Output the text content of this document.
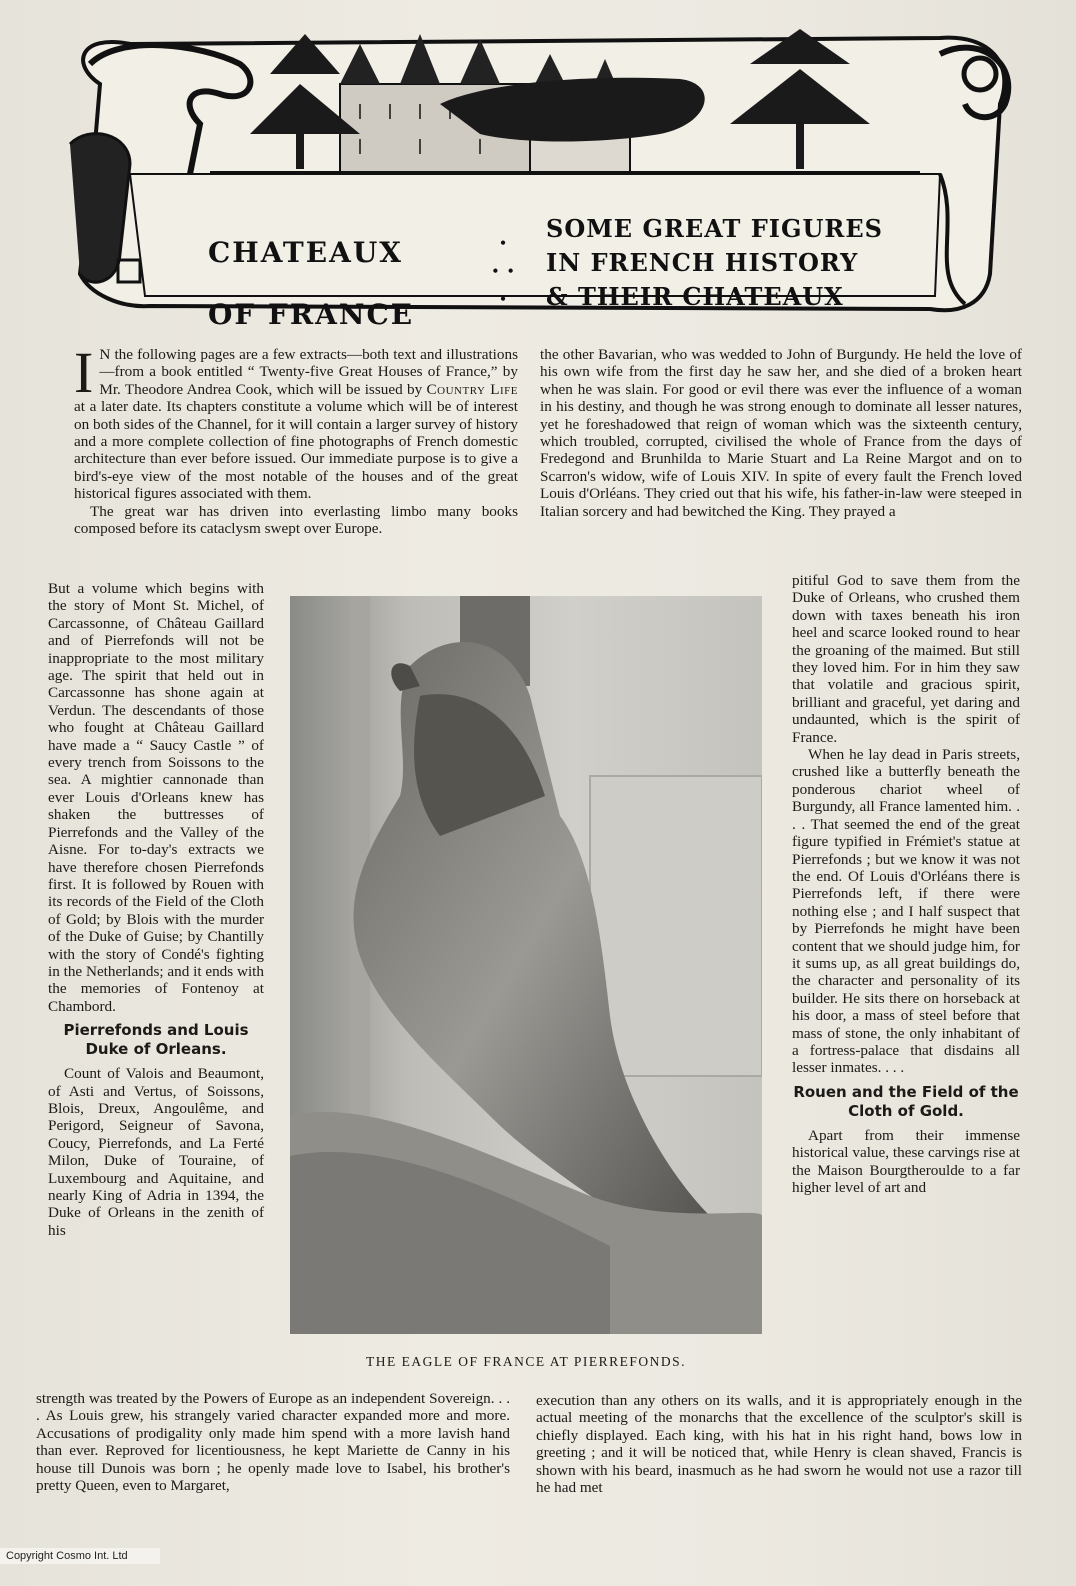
CHATEAUX
OF FRANCE
•

•  •

•
SOME GREAT FIGURES
IN FRENCH HISTORY
& THEIR CHATEAUX

I N the following pages are a few extracts—both text and illustrations—from a book entitled “ Twenty-five Great Houses of France,” by Mr. Theodore Andrea Cook, which will be issued by Country Life at a later date. Its chapters constitute a volume which will be of interest on both sides of the Channel, for it will contain a larger survey of history and a more complete collection of fine photographs of French domestic architecture than ever before issued. Our immediate purpose is to give a bird's-eye view of the most notable of the houses and of the great historical figures associated with them.

The great war has driven into everlasting limbo many books composed before its cataclysm swept over Europe.

But a volume which begins with the story of Mont St. Michel, of Carcassonne, of Château Gaillard and of Pierrefonds will not be inappropriate to the most military age. The spirit that held out in Carcassonne has shone again at Verdun. The descendants of those who fought at Château Gaillard have made a “ Saucy Castle ” of every trench from Soissons to the sea. A mightier cannonade than ever Louis d'Orleans knew has shaken the buttresses of Pierrefonds and the Valley of the Aisne. For to-day's extracts we have therefore chosen Pierrefonds first. It is followed by Rouen with its records of the Field of the Cloth of Gold; by Blois with the murder of the Duke of Guise; by Chantilly with the story of Condé's fighting in the Netherlands; and it ends with the memories of Fontenoy at Chambord.

Pierrefonds and Louis Duke of Orleans.

Count of Valois and Beaumont, of Asti and Vertus, of Soissons, Blois, Dreux, Angoulême, and Perigord, Seigneur of Savona, Coucy, Pierrefonds, and La Ferté Milon, Duke of Touraine, of Luxembourg and Aquitaine, and nearly King of Adria in 1394, the Duke of Orleans in the zenith of his

strength was treated by the Powers of Europe as an independent Sovereign. . . . As Louis grew, his strangely varied character expanded more and more. Accusations of prodigality only made him spend with a more lavish hand than ever. Reproved for licentiousness, he kept Mariette de Canny in his house till Dunois was born ; he openly made love to Isabel, his brother's pretty Queen, even to Margaret,

the other Bavarian, who was wedded to John of Burgundy. He held the love of his own wife from the first day he saw her, and she died of a broken heart when he was slain. For good or evil there was ever the influence of a woman in his destiny, and though he was strong enough to dominate all lesser natures, yet he foreshadowed that reign of woman which was the sixteenth century, which troubled, corrupted, civilised the whole of France from the days of Fredegond and Brunhilda to Marie Stuart and La Reine Margot and on to Scarron's widow, wife of Louis XIV. In spite of every fault the French loved Louis d'Orléans. They cried out that his wife, his father-in-law were steeped in Italian sorcery and had bewitched the King. They prayed a

pitiful God to save them from the Duke of Orleans, who crushed them down with taxes beneath his iron heel and scarce looked round to hear the groaning of the maimed. But still they loved him. For in him they saw that volatile and gracious spirit, brilliant and graceful, yet daring and undaunted, which is the spirit of France.

When he lay dead in Paris streets, crushed like a butterfly beneath the ponderous chariot wheel of Burgundy, all France lamented him. . . . That seemed the end of the great figure typified in Frémiet's statue at Pierrefonds ; but we know it was not the end. Of Louis d'Orléans there is Pierrefonds left, if there were nothing else ; and I half suspect that by Pierrefonds he might have been content that we should judge him, for it sums up, as all great buildings do, the character and personality of its builder. He sits there on horseback at his door, a mass of steel before that mass of stone, the only inhabitant of a fortress-palace that disdains all lesser inmates. . . .

Rouen and the Field of the Cloth of Gold.

Apart from their immense historical value, these carvings rise at the Maison Bourgtheroulde to a far higher level of art and

execution than any others on its walls, and it is appropriately enough in the actual meeting of the monarchs that the excellence of the sculptor's skill is chiefly displayed. Each king, with his hat in his right hand, bows low in greeting ; and it will be noticed that, while Henry is clean shaved, Francis is shown with his beard, inasmuch as he had sworn he would not use a razor till he had met

THE EAGLE OF FRANCE AT PIERREFONDS.
Copyright Cosmo Int. Ltd
